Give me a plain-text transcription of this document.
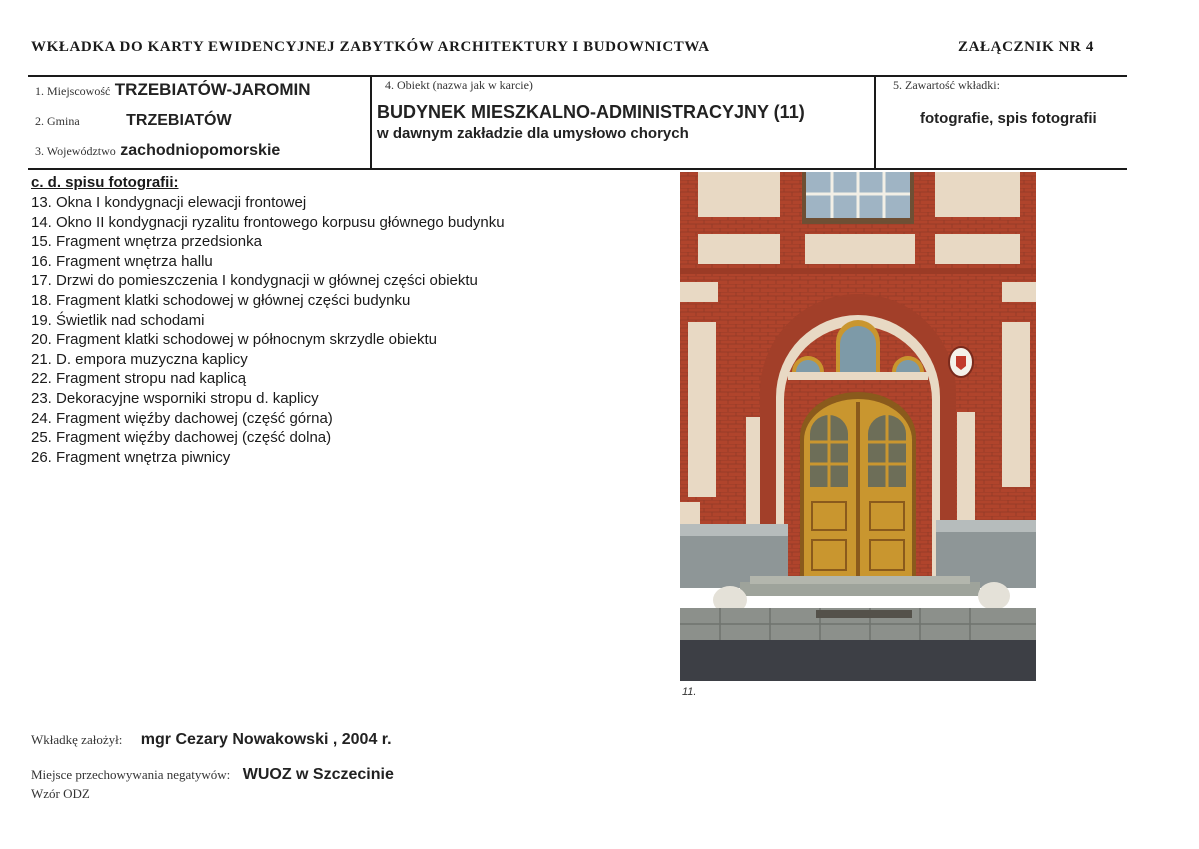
WKŁADKA DO KARTY EWIDENCYJNEJ ZABYTKÓW ARCHITEKTURY I BUDOWNICTWA	ZAŁĄCZNIK NR 4
1. Miejscowość TRZEBIATÓW-JAROMIN
2. Gmina	TRZEBIATÓW
3. Województwo zachodniopomorskie
4. Obiekt (nazwa jak w karcie)
BUDYNEK MIESZKALNO-ADMINISTRACYJNY (11)
w dawnym zakładzie dla umysłowo chorych
5. Zawartość wkładki:
fotografie, spis fotografii
c. d. spisu fotografii:
13. Okna I kondygnacji elewacji frontowej
14. Okno II kondygnacji ryzalitu frontowego korpusu głównego budynku
15. Fragment wnętrza przedsionka
16. Fragment wnętrza hallu
17. Drzwi do pomieszczenia I kondygnacji w głównej części obiektu
18. Fragment klatki schodowej w głównej części budynku
19. Świetlik nad schodami
20. Fragment klatki schodowej w północnym skrzydle obiektu
21. D. empora muzyczna kaplicy
22. Fragment stropu nad kaplicą
23. Dekoracyjne wsporniki stropu d. kaplicy
24. Fragment więźby dachowej (część górna)
25. Fragment więźby dachowej (część dolna)
26. Fragment wnętrza piwnicy
11.
Wkładkę założył: mgr Cezary Nowakowski , 2004 r.
Miejsce przechowywania negatywów: WUOZ w Szczecinie
Wzór ODZ
